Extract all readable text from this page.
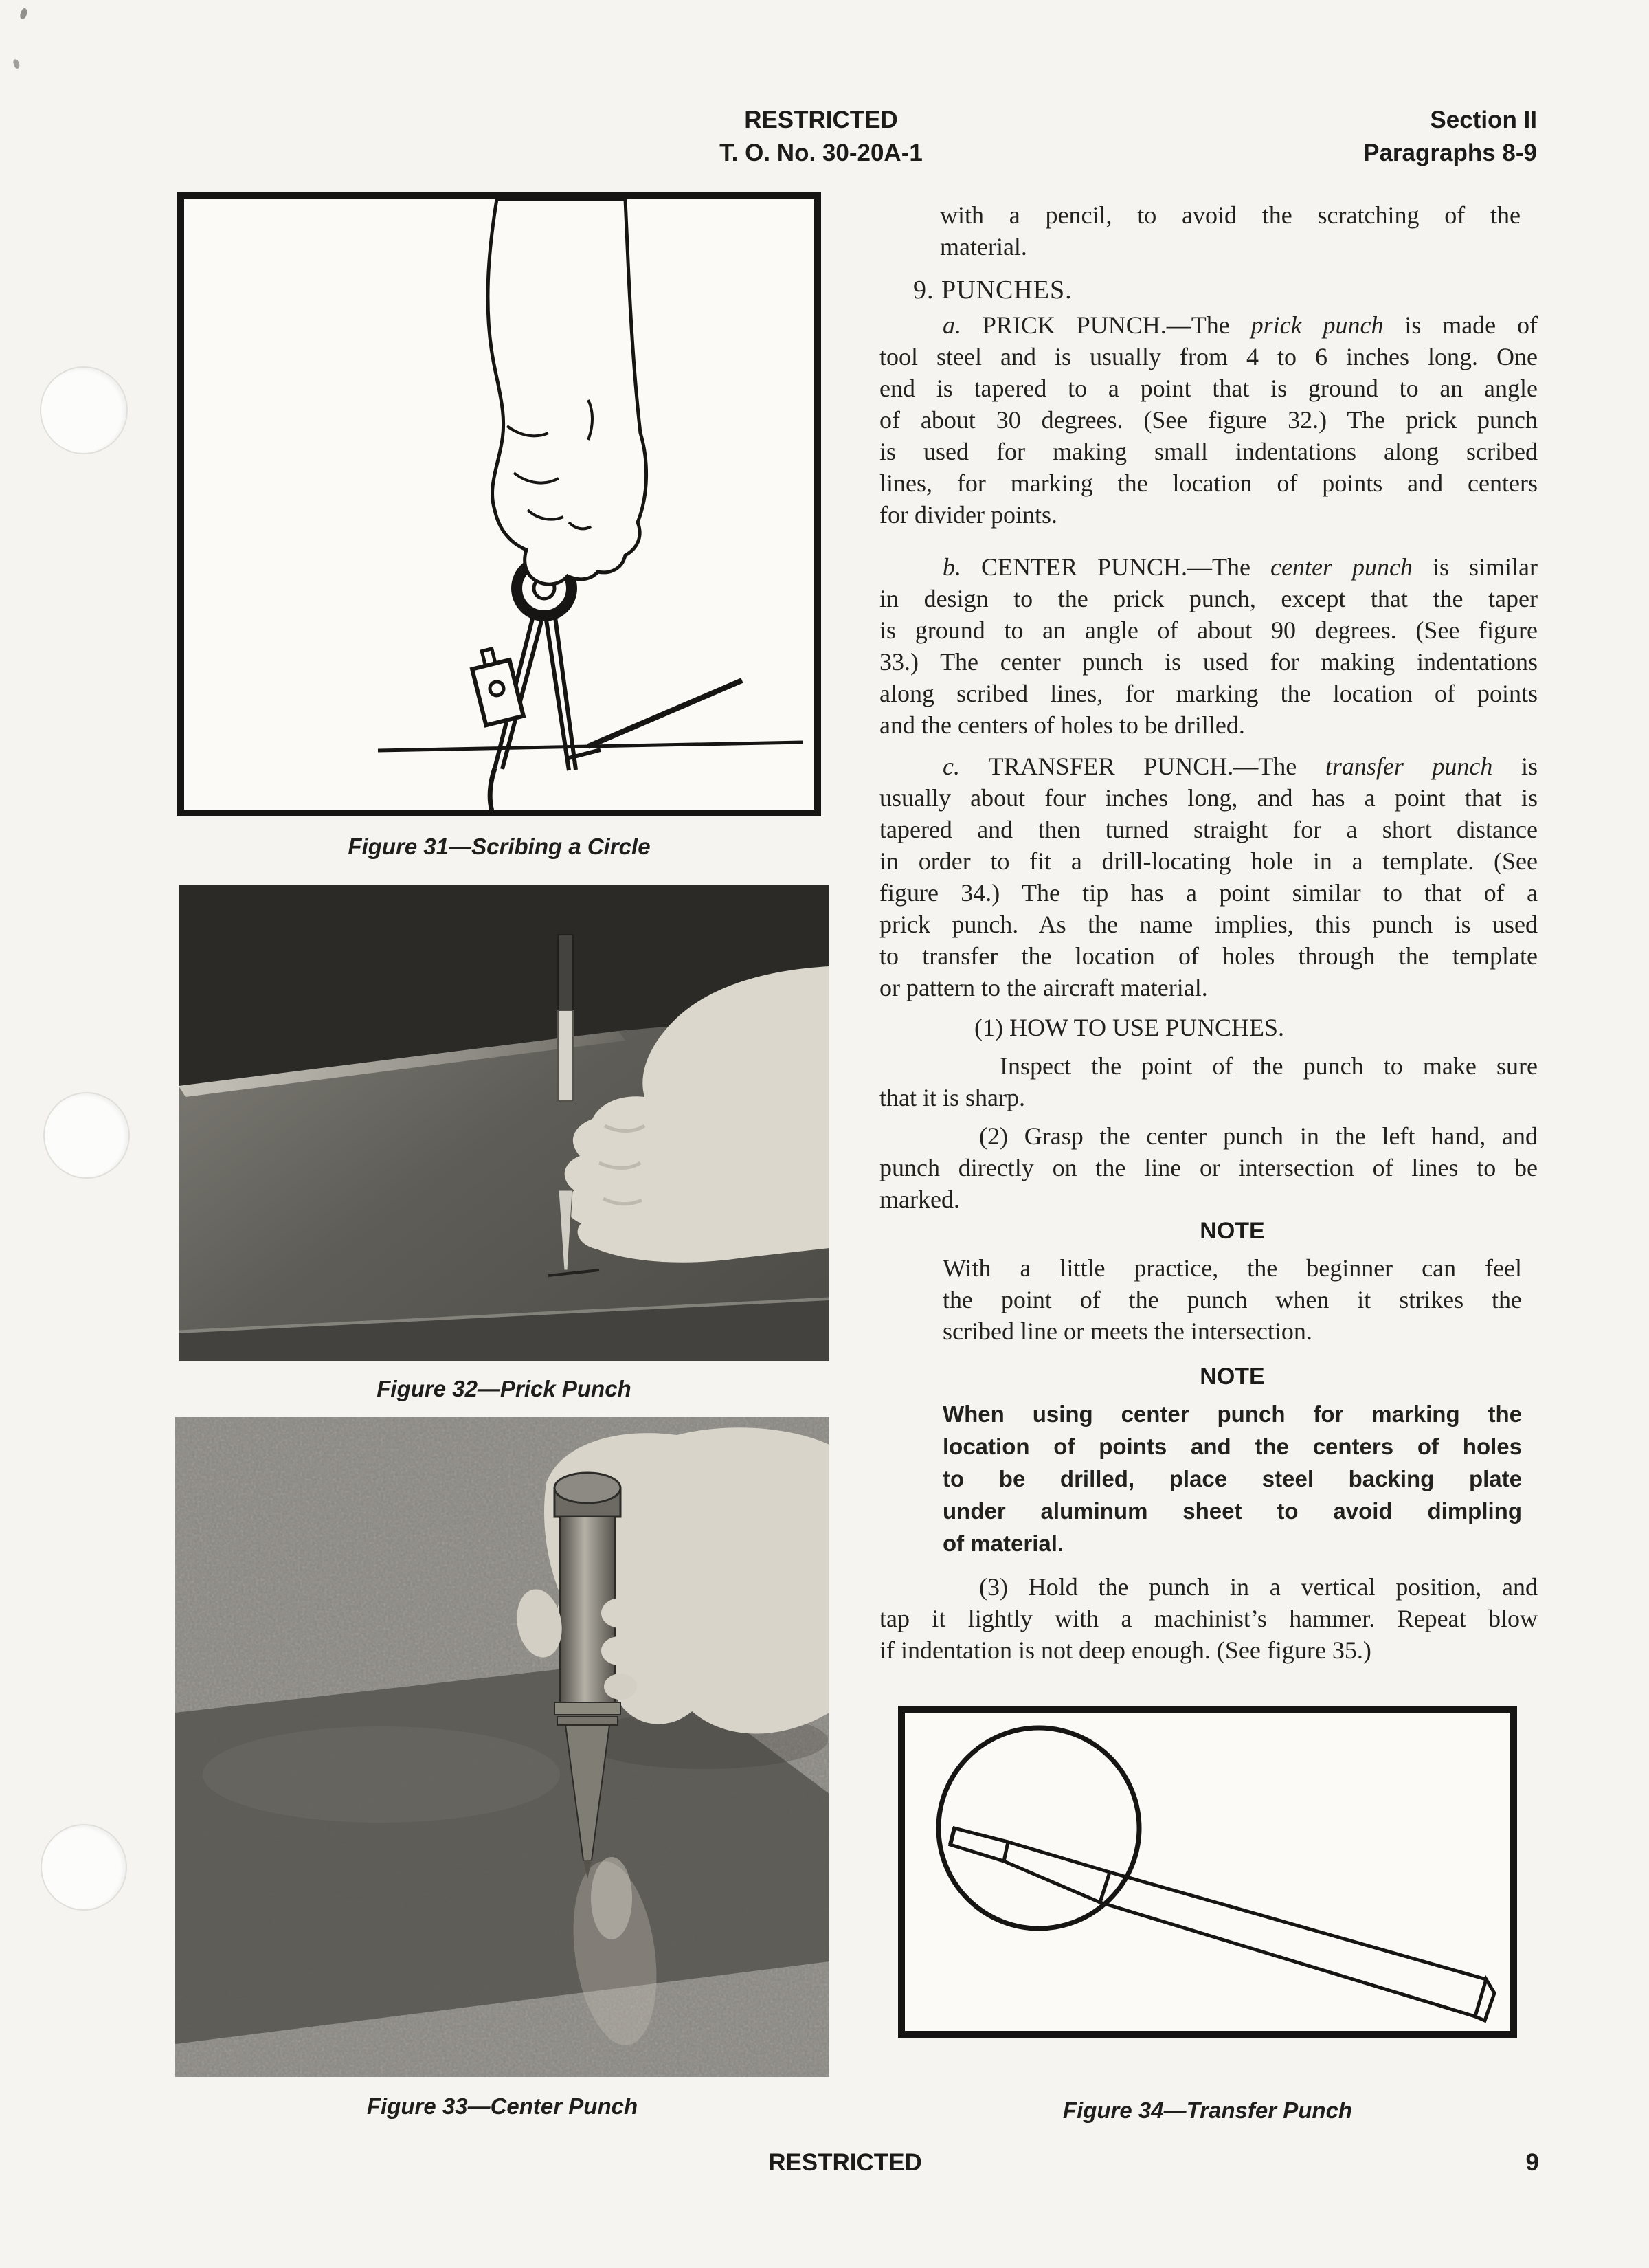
RESTRICTED
T. O. No. 30-20A-1
Section II
Paragraphs 8-9
Figure 31—Scribing a Circle
Figure 32—Prick Punch
Figure 33—Center Punch
with a pencil, to avoid the scratching of the
material.
9. PUNCHES.
a. PRICK PUNCH.—The prick punch is made of
tool steel and is usually from 4 to 6 inches long. One
end is tapered to a point that is ground to an angle
of about 30 degrees. (See figure 32.) The prick punch
is used for making small indentations along scribed
lines, for marking the location of points and centers
for divider points.
b. CENTER PUNCH.—The center punch is similar
in design to the prick punch, except that the taper
is ground to an angle of about 90 degrees. (See figure
33.) The center punch is used for making indentations
along scribed lines, for marking the location of points
and the centers of holes to be drilled.
c. TRANSFER PUNCH.—The transfer punch is
usually about four inches long, and has a point that is
tapered and then turned straight for a short distance
in order to fit a drill-locating hole in a template. (See
figure 34.) The tip has a point similar to that of a
prick punch. As the name implies, this punch is used
to transfer the location of holes through the template
or pattern to the aircraft material.
(1) HOW TO USE PUNCHES.
Inspect the point of the punch to make sure
that it is sharp.
(2) Grasp the center punch in the left hand, and
punch directly on the line or intersection of lines to be
marked.
NOTE
With a little practice, the beginner can feel
the point of the punch when it strikes the
scribed line or meets the intersection.
NOTE
When using center punch for marking the
location of points and the centers of holes
to be drilled, place steel backing plate
under aluminum sheet to avoid dimpling
of material.
(3) Hold the punch in a vertical position, and
tap it lightly with a machinist’s hammer. Repeat blow
if indentation is not deep enough. (See figure 35.)
Figure 34—Transfer Punch
RESTRICTED	9
